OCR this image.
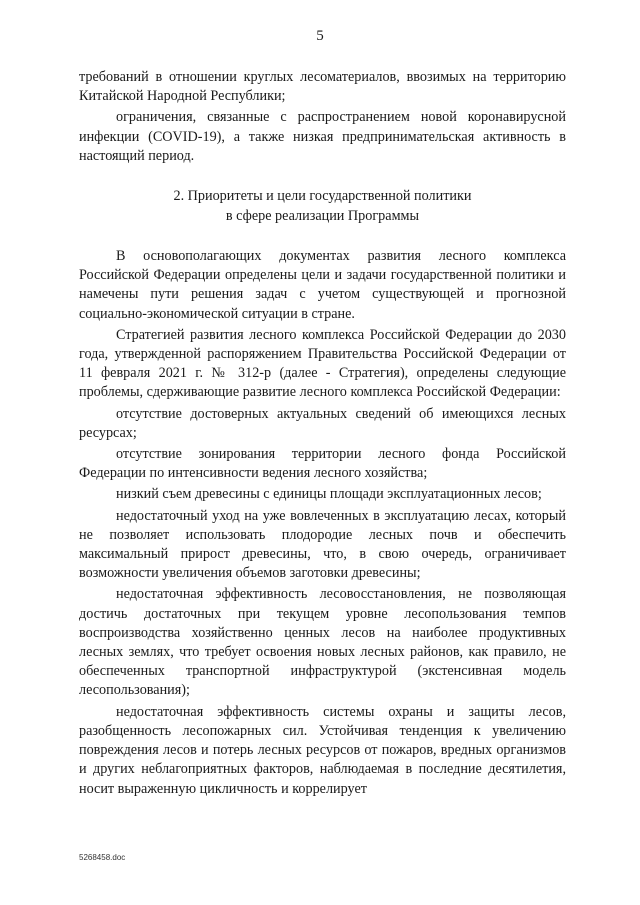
5

требований в отношении круглых лесоматериалов, ввозимых на территорию Китайской Народной Республики;

ограничения, связанные с распространением новой коронавирусной инфекции (COVID-19), а также низкая предпринимательская активность в настоящий период.

2. Приоритеты и цели государственной политики
в сфере реализации Программы

В основополагающих документах развития лесного комплекса Российской Федерации определены цели и задачи государственной политики и намечены пути решения задач с учетом существующей и прогнозной социально-экономической ситуации в стране.

Стратегией развития лесного комплекса Российской Федерации до 2030 года, утвержденной распоряжением Правительства Российской Федерации от 11 февраля 2021 г. № 312-р (далее - Стратегия), определены следующие проблемы, сдерживающие развитие лесного комплекса Российской Федерации:

отсутствие достоверных актуальных сведений об имеющихся лесных ресурсах;

отсутствие зонирования территории лесного фонда Российской Федерации по интенсивности ведения лесного хозяйства;

низкий съем древесины с единицы площади эксплуатационных лесов;

недостаточный уход на уже вовлеченных в эксплуатацию лесах, который не позволяет использовать плодородие лесных почв и обеспечить максимальный прирост древесины, что, в свою очередь, ограничивает возможности увеличения объемов заготовки древесины;

недостаточная эффективность лесовосстановления, не позволяющая достичь достаточных при текущем уровне лесопользования темпов воспроизводства хозяйственно ценных лесов на наиболее продуктивных лесных землях, что требует освоения новых лесных районов, как правило, не обеспеченных транспортной инфраструктурой (экстенсивная модель лесопользования);

недостаточная эффективность системы охраны и защиты лесов, разобщенность лесопожарных сил. Устойчивая тенденция к увеличению повреждения лесов и потерь лесных ресурсов от пожаров, вредных организмов и других неблагоприятных факторов, наблюдаемая в последние десятилетия, носит выраженную цикличность и коррелирует

5268458.doc
